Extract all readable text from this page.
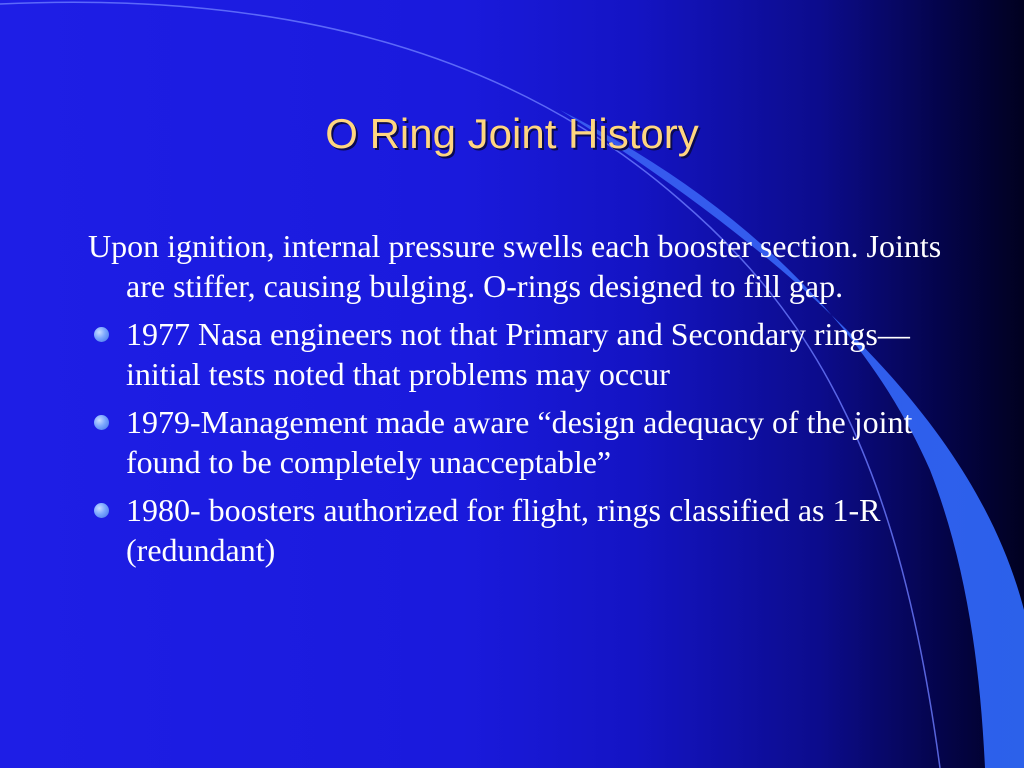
O Ring Joint History

Upon ignition, internal pressure swells each booster section. Joints are stiffer, causing bulging. O-rings designed to fill gap.

1977 Nasa engineers not that Primary and Secondary rings—initial tests noted that problems may occur

1979-Management made aware “design adequacy of the joint found to be completely unacceptable”

1980- boosters authorized for flight, rings classified as 1-R (redundant)
